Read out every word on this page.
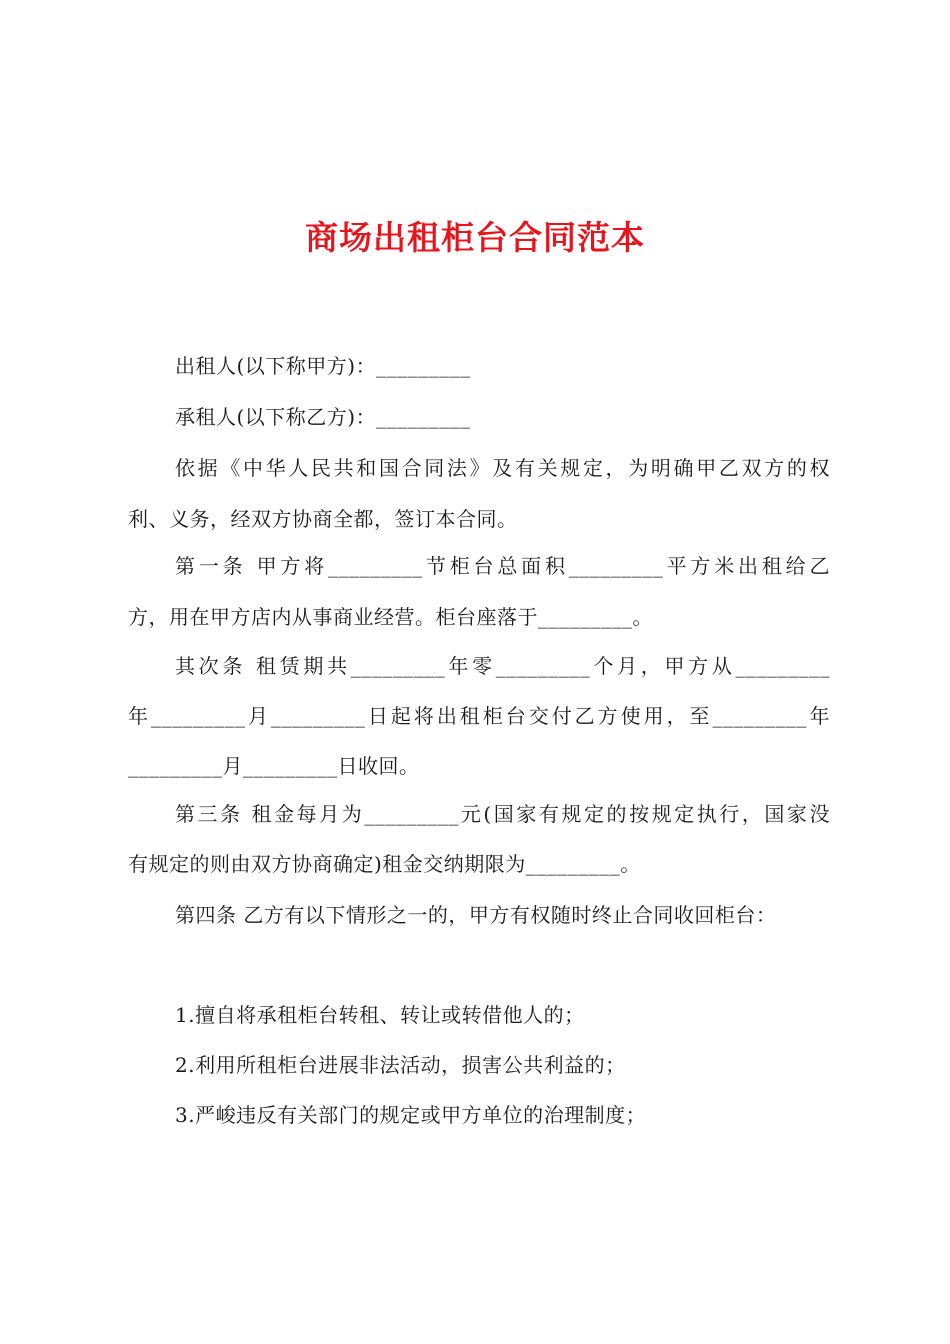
商场出租柜台合同范本
出租人(以下称甲方)：_________
承租人(以下称乙方)：_________
依据《中华人民共和国合同法》及有关规定，为明确甲乙双方的权
利、义务，经双方协商全都，签订本合同。
第一条 甲方将_________节柜台总面积_________平方米出租给乙
方，用在甲方店内从事商业经营。柜台座落于_________。
其次条 租赁期共_________年零_________个月，甲方从_________
年_________月_________日起将出租柜台交付乙方使用，至_________年
_________月_________日收回。
第三条 租金每月为_________元(国家有规定的按规定执行，国家没
有规定的则由双方协商确定)租金交纳期限为_________。
第四条 乙方有以下情形之一的，甲方有权随时终止合同收回柜台：
1.擅自将承租柜台转租、转让或转借他人的；
2.利用所租柜台进展非法活动，损害公共利益的；
3.严峻违反有关部门的规定或甲方单位的治理制度；
